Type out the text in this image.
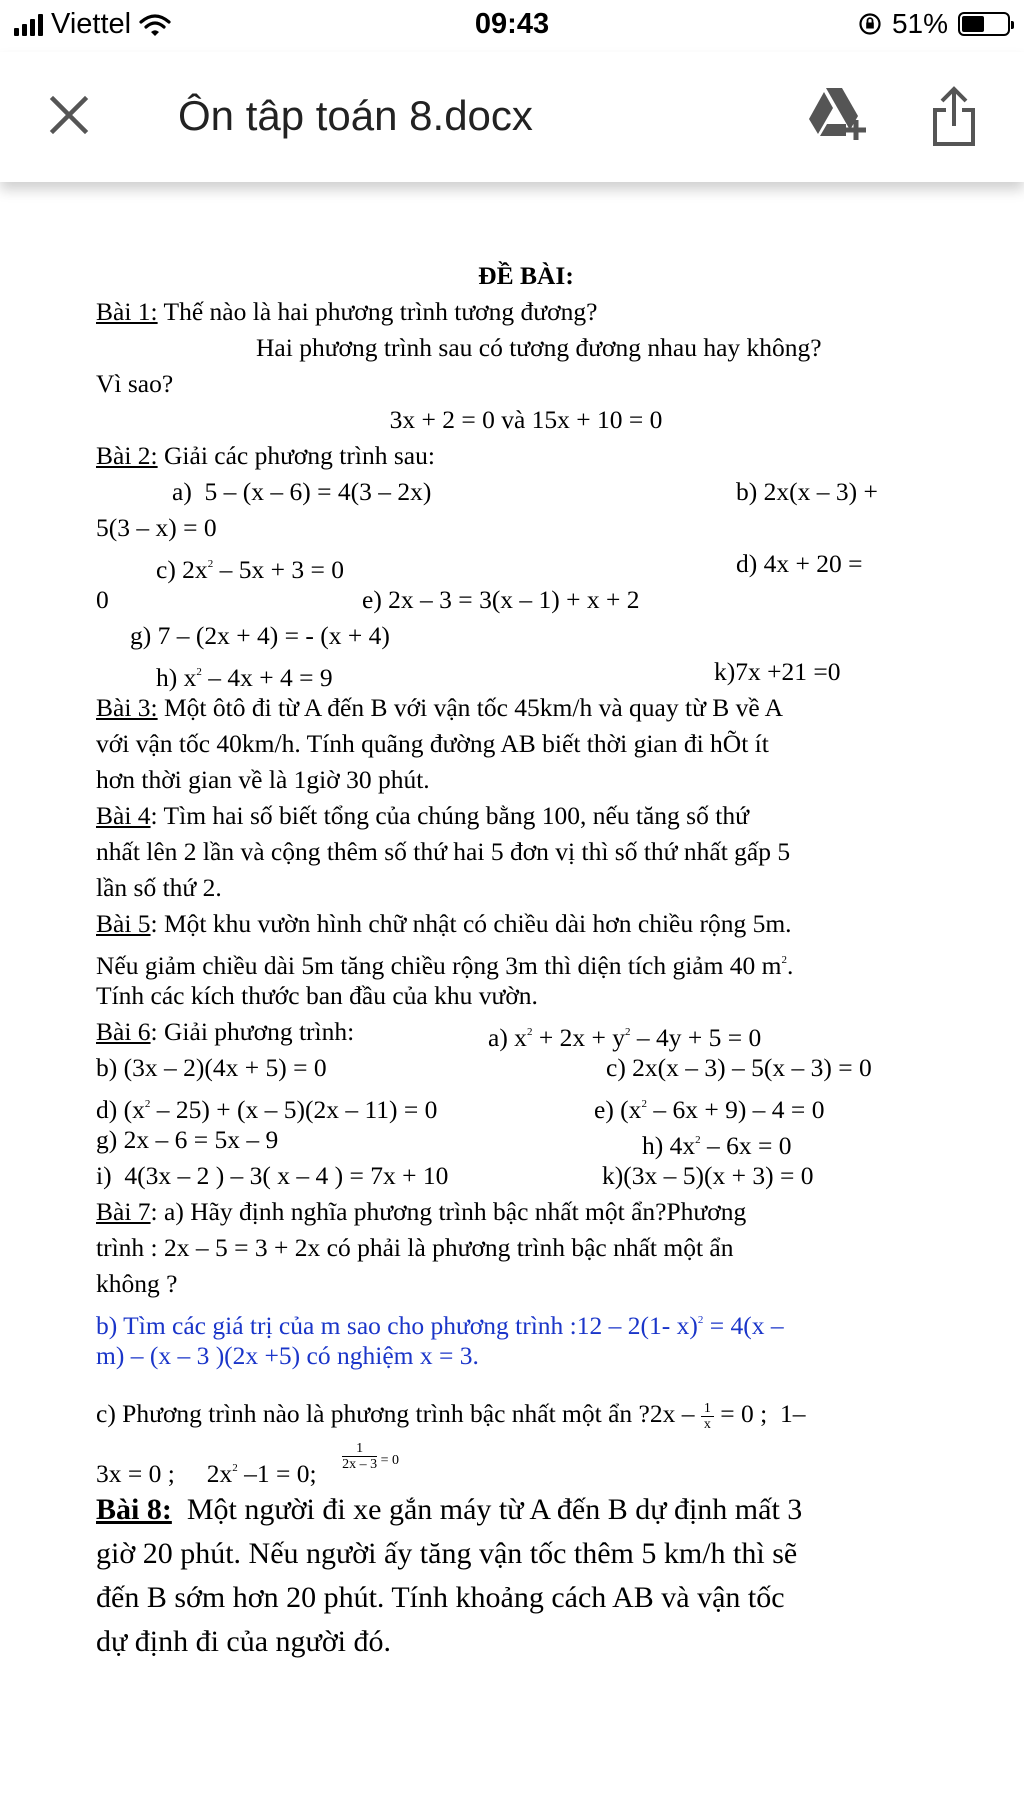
Viettel	09:43	51%
Ôn tâp toán 8.docx
ĐỀ BÀI:
Bài 1: Thế nào là hai phương trình tương đương?
Hai phương trình sau có tương đương nhau hay không?
Vì sao?
3x + 2 = 0 và 15x + 10 = 0
Bài 2: Giải các phương trình sau:

a)  5 – (x – 6) = 4(3 – 2x)

	b) 2x(x – 3) +

5(3 – x) = 0

c) $2x^2 - 5x + 3 = 0$

	d) 4x + 20 =

0

	e) 2x – 3 = 3(x – 1) + x + 2

g) 7 – (2x + 4) = - (x + 4)

h) $x^2 - 4x + 4 = 9$

	k)7x +21 =0

Bài 3: Một ôtô đi từ A đến B với vận tốc 45km/h và quay từ B về A
với vận tốc 40km/h. Tính quãng đường AB biết thời gian đi hÕt ít
hơn thời gian về là 1giờ 30 phút.
Bài 4: Tìm hai số biết tổng của chúng bằng 100, nếu tăng số thứ
nhất lên 2 lần và cộng thêm số thứ hai 5 đơn vị thì số thứ nhất gấp 5
lần số thứ 2.
Bài 5: Một khu vườn hình chữ nhật có chiều dài hơn chiều rộng 5m.
Nếu giảm chiều dài 5m tăng chiều rộng 3m thì diện tích giảm 40 $m^2$.
Tính các kích thước ban đầu của khu vườn.

Bài 6: Giải phương trình:

	a) $x^2 + 2x + y^2 - 4y + 5 = 0$

b) (3x – 2)(4x + 5) = 0

	c) 2x(x – 3) – 5(x – 3) = 0

d) $(x^2 - 25) + (x - 5)(2x - 11) = 0$

	e) $(x^2 - 6x + 9) - 4 = 0$

g) 2x – 6 = 5x – 9

	h) $4x^2 - 6x = 0$

i)  4(3x – 2 ) – 3( x – 4 ) = 7x + 10

	k)(3x – 5)(x + 3) = 0

Bài 7: a) Hãy định nghĩa phương trình bậc nhất một ẩn?Phương
trình : 2x – 5 = 3 + 2x có phải là phương trình bậc nhất một ẩn
không ?
b) Tìm các giá trị của m sao cho phương trình :12 – 2(1- x)$^2$ = 4(x –
m) – (x – 3 )(2x +5) có nghiệm x = 3.
c) Phương trình nào là phương trình bậc nhất một ẩn ?2x – $\frac{1}{x} = 0$ ;  1–
3x = 0 ;     $2x^2$ –1 = 0;
$\frac{1}{2x - 3} ^{= 0}$
Bài 8:  Một người đi xe gắn máy từ A đến B dự định mất 3
giờ 20 phút. Nếu người ấy tăng vận tốc thêm 5 km/h thì sẽ
đến B sớm hơn 20 phút. Tính khoảng cách AB và vận tốc
dự định đi của người đó.
